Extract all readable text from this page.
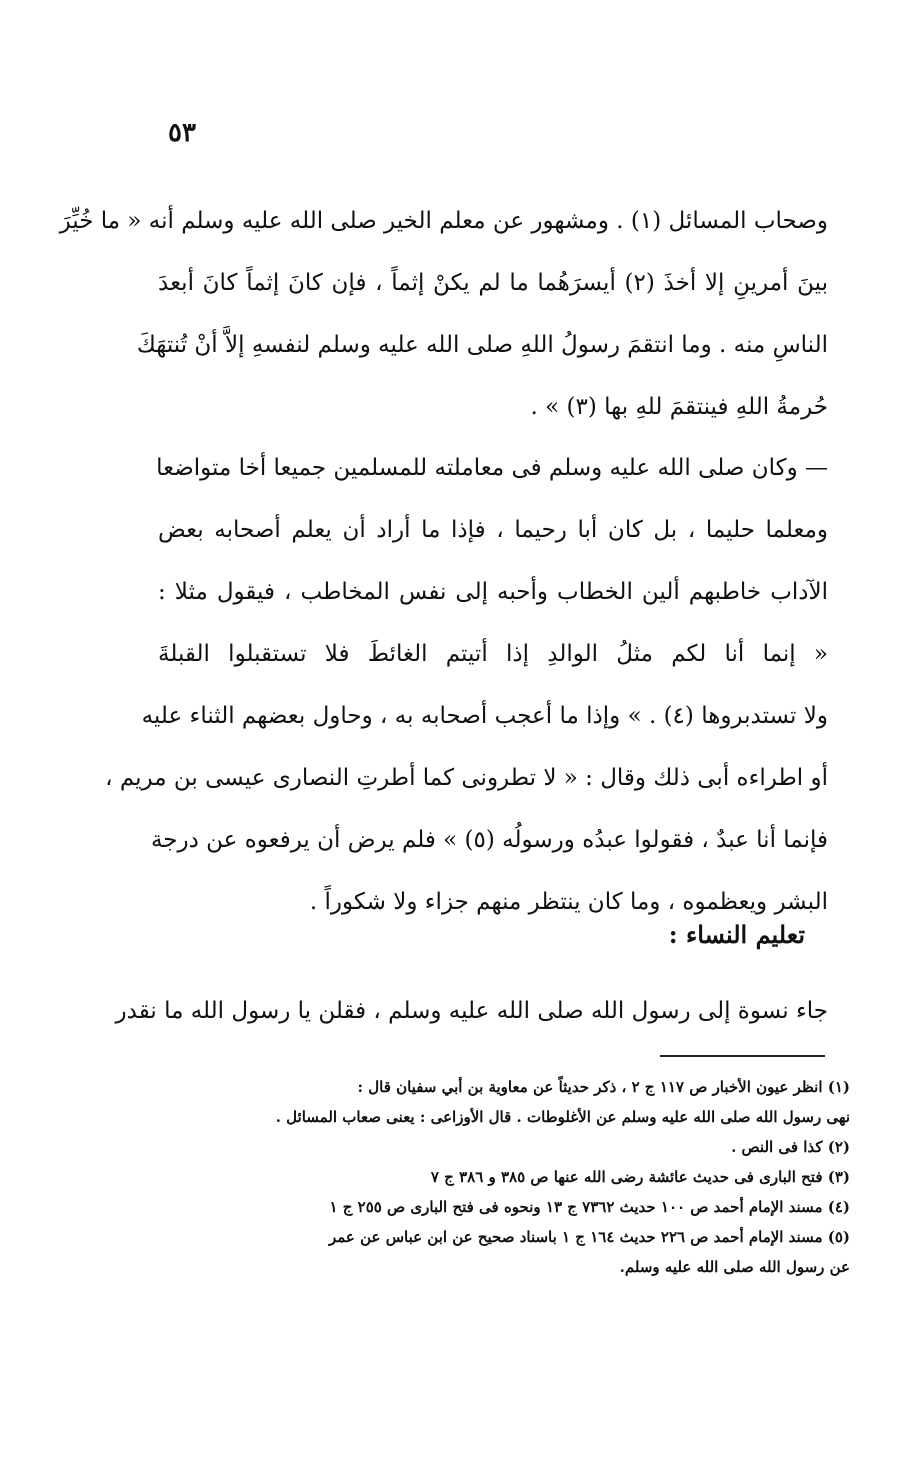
٥٣
وصحاب المسائل (١) . ومشهور عن معلم الخير صلى الله عليه وسلم أنه « ما خُيِّرَ
بينَ أمرينِ إلا أخذَ (٢) أيسرَهُما ما لم يكنْ إثماً ، فإن كانَ إثماً كانَ أبعدَ
الناسِ منه . وما انتقمَ رسولُ اللهِ صلى الله عليه وسلم لنفسهِ إلاَّ أنْ تُنتهَكَ
حُرمةُ اللهِ فينتقمَ للهِ بها (٣) » .
— وكان صلى الله عليه وسلم فى معاملته للمسلمين جميعا أخا متواضعا
ومعلما حليما ، بل كان أبا رحيما ، فإذا ما أراد أن يعلم أصحابه بعض
الآداب خاطبهم ألين الخطاب وأحبه إلى نفس المخاطب ، فيقول مثلا :
« إنما أنا لكم مثلُ الوالدِ إذا أتيتم الغائطَ فلا تستقبلوا القبلةَ
ولا تستدبروها (٤) . » وإذا ما أعجب أصحابه به ، وحاول بعضهم الثناء عليه
أو اطراءه أبى ذلك وقال : « لا تطرونى كما أطرتِ النصارى عيسى بن مريم ،
فإنما أنا عبدٌ ، فقولوا عبدُه ورسولُه (٥) » فلم يرض أن يرفعوه عن درجة
البشر ويعظموه ، وما كان ينتظر منهم جزاء ولا شكوراً .
تعليم النساء :
جاء نسوة إلى رسول الله صلى الله عليه وسلم ، فقلن يا رسول الله ما نقدر
(١) انظر عيون الأخبار ص ١١٧ ج ٢ ، ذكر حديثاً عن معاوية بن أبي سفيان قال :
نهى رسول الله صلى الله عليه وسلم عن الأغلوطات . قال الأوزاعى : يعنى صعاب المسائل .
(٢) كذا فى النص .
(٣) فتح البارى فى حديث عائشة رضى الله عنها ص ٣٨٥ و ٣٨٦ ج ٧
(٤) مسند الإمام أحمد ص ١٠٠ حديث ٧٣٦٢ ج ١٣ ونحوه فى فتح البارى ص ٢٥٥ ج ١
(٥) مسند الإمام أحمد ص ٢٢٦ حديث ١٦٤ ج ١ باسناد صحيح عن ابن عباس عن عمر
عن رسول الله صلى الله عليه وسلم.
